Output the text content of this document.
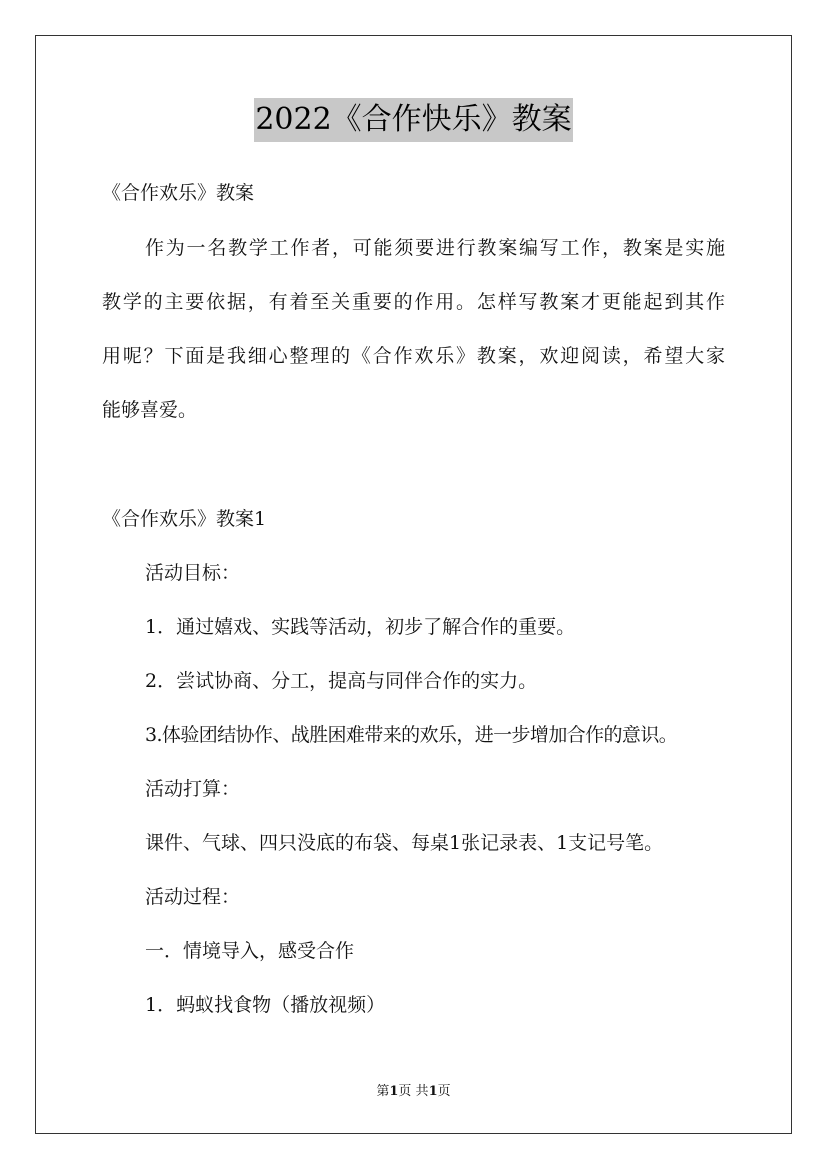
2022《合作快乐》教案
《合作欢乐》教案
作为一名教学工作者，可能须要进行教案编写工作，教案是实施
教学的主要依据，有着至关重要的作用。怎样写教案才更能起到其作
用呢？下面是我细心整理的《合作欢乐》教案，欢迎阅读，希望大家
能够喜爱。
《合作欢乐》教案1
活动目标：
1．通过嬉戏、实践等活动，初步了解合作的重要。
2．尝试协商、分工，提高与同伴合作的实力。
3.体验团结协作、战胜困难带来的欢乐，进一步增加合作的意识。
活动打算：
课件、气球、四只没底的布袋、每桌1张记录表、1支记号笔。
活动过程：
一．情境导入，感受合作
1．蚂蚁找食物（播放视频）
第1页 共1页
